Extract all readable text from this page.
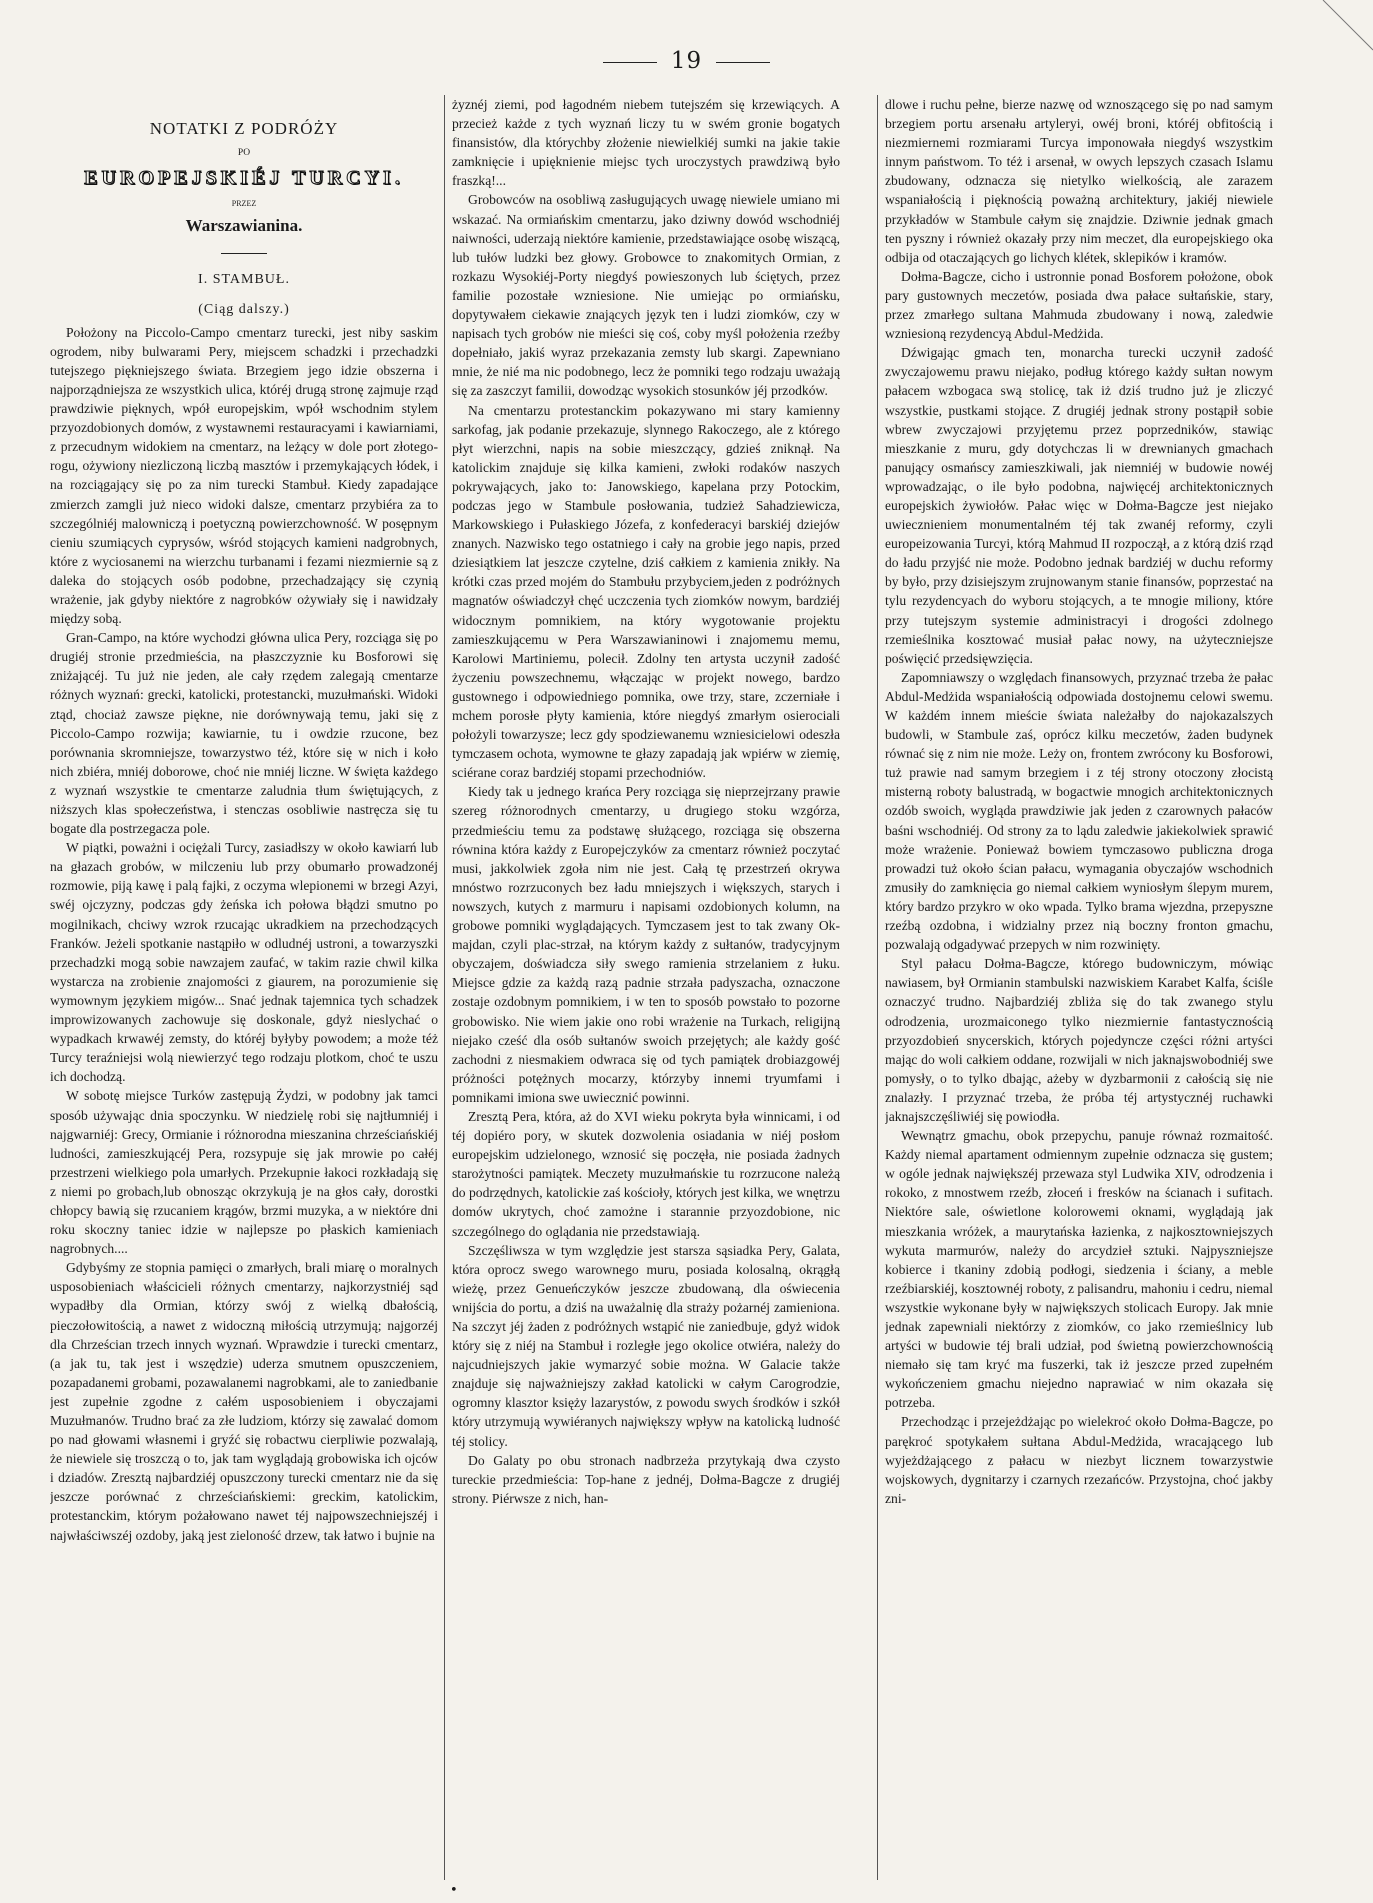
19
NOTATKI Z PODRÓŻY
PO
EUROPEJSKIÉJ TURCYI.
PRZEZ
Warszawianina.
I. STAMBUŁ.
(Ciąg dalszy.)

Położony na Piccolo-Campo cmentarz turecki, jest niby saskim ogrodem, niby bulwarami Pery, miejscem schadzki i przechadzki tutejszego piękniejszego świata. Brzegiem jego idzie obszerna i najporządniejsza ze wszystkich ulica, któréj drugą stronę zajmuje rząd prawdziwie pięknych, wpół europejskim, wpół wschodnim stylem przyozdobionych domów, z wystawnemi restauracyami i kawiarniami, z przecudnym widokiem na cmentarz, na leżący w dole port złotego-rogu, ożywiony niezliczoną liczbą masztów i przemykających łódek, i na rozciągający się po za nim turecki Stambuł. Kiedy zapadające zmierzch zamgli już nieco widoki dalsze, cmentarz przybiéra za to szczególniéj malowniczą i poetyczną powierzchowność. W posępnym cieniu szumiących cyprysów, wśród stojących kamieni nadgrobnych, które z wyciosanemi na wierzchu turbanami i fezami niezmiernie są z daleka do stojących osób podobne, przechadzający się czynią wrażenie, jak gdyby niektóre z nagrobków ożywiały się i nawidzały między sobą.

Gran-Campo, na które wychodzi główna ulica Pery, rozciąga się po drugiéj stronie przedmieścia, na płaszczyznie ku Bosforowi się zniżającéj. Tu już nie jeden, ale cały rzędem zalegają cmentarze różnych wyznań: grecki, katolicki, protestancki, muzułmański. Widoki ztąd, chociaż zawsze piękne, nie dorównywają temu, jaki się z Piccolo-Campo rozwija; kawiarnie, tu i owdzie rzucone, bez porównania skromniejsze, towarzystwo téż, które się w nich i koło nich zbiéra, mniéj doborowe, choć nie mniéj liczne. W święta każdego z wyznań wszystkie te cmentarze zaludnia tłum świętujących, z niższych klas społeczeństwa, i stenczas osobliwie nastręcza się tu bogate dla postrzegacza pole.

W piątki, poważni i ociężali Turcy, zasiadłszy w około kawiarń lub na głazach grobów, w milczeniu lub przy obumarło prowadzonéj rozmowie, piją kawę i palą fajki, z oczyma wlepionemi w brzegi Azyi, swéj ojczyzny, podczas gdy żeńska ich połowa błądzi smutno po mogilnikach, chciwy wzrok rzucając ukradkiem na przechodzących Franków. Jeżeli spotkanie nastąpiło w odludnéj ustroni, a towarzyszki przechadzki mogą sobie nawzajem zaufać, w takim razie chwil kilka wystarcza na zrobienie znajomości z giaurem, na porozumienie się wymownym językiem migów... Snać jednak tajemnica tych schadzek improwizowanych zachowuje się doskonale, gdyż nieslychać o wypadkach krwawéj zemsty, do któréj byłyby powodem; a może téż Turcy teraźniejsi wolą niewierzyć tego rodzaju plotkom, choć te uszu ich dochodzą.

W sobotę miejsce Turków zastępują Żydzi, w podobny jak tamci sposób używając dnia spoczynku. W niedzielę robi się najtłumniéj i najgwarniéj: Grecy, Ormianie i różnorodna mieszanina chrześciańskiéj ludności, zamieszkującéj Pera, rozsypuje się jak mrowie po całéj przestrzeni wielkiego pola umarłych. Przekupnie łakoci rozkładają się z niemi po grobach,lub obnosząc okrzykują je na głos cały, dorostki chłopcy bawią się rzucaniem krągów, brzmi muzyka, a w niektóre dni roku skoczny taniec idzie w najlepsze po płaskich kamieniach nagrobnych....

Gdybyśmy ze stopnia pamięci o zmarłych, brali miarę o moralnych usposobieniach właścicieli różnych cmentarzy, najkorzystniéj sąd wypadłby dla Ormian, którzy swój z wielką dbałością, pieczołowitością, a nawet z widoczną miłością utrzymują; najgorzéj dla Chrześcian trzech innych wyznań. Wprawdzie i turecki cmentarz, (a jak tu, tak jest i wszędzie) uderza smutnem opuszczeniem, pozapadanemi grobami, pozawalanemi nagrobkami, ale to zaniedbanie jest zupełnie zgodne z całém usposobieniem i obyczajami Muzułmanów. Trudno brać za złe ludziom, którzy się zawalać domom po nad głowami własnemi i gryźć się robactwu cierpliwie pozwalają, że niewiele się troszczą o to, jak tam wyglądają grobowiska ich ojców i dziadów. Zresztą najbardziéj opuszczony turecki cmentarz nie da się jeszcze porównać z chrześciańskiemi: greckim, katolickim, protestanckim, którym pożałowano nawet téj najpowszechniejszéj i najwłaściwszéj ozdoby, jaką jest zieloność drzew, tak łatwo i bujnie na

żyznéj ziemi, pod łagodném niebem tutejszém się krzewiących. A przecież każde z tych wyznań liczy tu w swém gronie bogatych finansistów, dla którychby złożenie niewielkiéj sumki na jakie takie zamknięcie i upięknienie miejsc tych uroczystych prawdziwą było fraszką!...

Grobowców na osobliwą zasługujących uwagę niewiele umiano mi wskazać. Na ormiańskim cmentarzu, jako dziwny dowód wschodniéj naiwności, uderzają niektóre kamienie, przedstawiające osobę wiszącą, lub tułów ludzki bez głowy. Grobowce to znakomitych Ormian, z rozkazu Wysokiéj-Porty niegdyś powieszonych lub ściętych, przez familie pozostałe wzniesione. Nie umiejąc po ormiańsku, dopytywałem ciekawie znających język ten i ludzi ziomków, czy w napisach tych grobów nie mieści się coś, coby myśl położenia rzeźby dopełniało, jakiś wyraz przekazania zemsty lub skargi. Zapewniano mnie, że nié ma nic podobnego, lecz że pomniki tego rodzaju uważają się za zaszczyt familii, dowodząc wysokich stosunków jéj przodków.

Na cmentarzu protestanckim pokazywano mi stary kamienny sarkofag, jak podanie przekazuje, slynnego Rakoczego, ale z którego płyt wierzchni, napis na sobie mieszczący, gdzieś zniknął. Na katolickim znajduje się kilka kamieni, zwłoki rodaków naszych pokrywających, jako to: Janowskiego, kapelana przy Potockim, podczas jego w Stambule posłowania, tudzież Sahadziewicza, Markowskiego i Pułaskiego Józefa, z konfederacyi barskiéj dziejów znanych. Nazwisko tego ostatniego i cały na grobie jego napis, przed dziesiątkiem lat jeszcze czytelne, dziś całkiem z kamienia znikły. Na krótki czas przed mojém do Stambułu przybyciem,jeden z podróżnych magnatów oświadczył chęć uczczenia tych ziomków nowym, bardziéj widocznym pomnikiem, na który wygotowanie projektu zamieszkującemu w Pera Warszawianinowi i znajomemu memu, Karolowi Martiniemu, polecił. Zdolny ten artysta uczynił zadość życzeniu powszechnemu, włączając w projekt nowego, bardzo gustownego i odpowiedniego pomnika, owe trzy, stare, zczerniałe i mchem porosłe płyty kamienia, które niegdyś zmarłym osierociali położyli towarzysze; lecz gdy spodziewanemu wzniesicielowi odeszła tymczasem ochota, wymowne te głazy zapadają jak wpiérw w ziemię, sciérane coraz bardziéj stopami przechodniów.

Kiedy tak u jednego krańca Pery rozciąga się nieprzejrzany prawie szereg różnorodnych cmentarzy, u drugiego stoku wzgórza, przedmieściu temu za podstawę służącego, rozciąga się obszerna równina która każdy z Europejczyków za cmentarz również poczytać musi, jakkolwiek zgoła nim nie jest. Całą tę przestrzeń okrywa mnóstwo rozrzuconych bez ładu mniejszych i większych, starych i nowszych, kutych z marmuru i napisami ozdobionych kolumn, na grobowe pomniki wyglądających. Tymczasem jest to tak zwany Ok-majdan, czyli plac-strzał, na którym każdy z sułtanów, tradycyjnym obyczajem, doświadcza siły swego ramienia strzelaniem z łuku. Miejsce gdzie za każdą razą padnie strzała padyszacha, oznaczone zostaje ozdobnym pomnikiem, i w ten to sposób powstało to pozorne grobowisko. Nie wiem jakie ono robi wrażenie na Turkach, religijną niejako cześć dla osób sułtanów swoich przejętych; ale każdy gość zachodni z niesmakiem odwraca się od tych pamiątek drobiazgowéj próżności potężnych mocarzy, którzyby innemi tryumfami i pomnikami imiona swe uwiecznić powinni.

Zresztą Pera, która, aż do XVI wieku pokryta była winnicami, i od téj dopiéro pory, w skutek dozwolenia osiadania w niéj posłom europejskim udzielonego, wznosić się poczęła, nie posiada żadnych starożytności pamiątek. Meczety muzułmańskie tu rozrzucone należą do podrzędnych, katolickie zaś kościoły, których jest kilka, we wnętrzu domów ukrytych, choć zamożne i starannie przyozdobione, nic szczególnego do oglądania nie przedstawiają.

Szczęśliwsza w tym względzie jest starsza sąsiadka Pery, Galata, która oprocz swego warownego muru, posiada kolosalną, okrągłą wieżę, przez Genueńczyków jeszcze zbudowaną, dla oświecenia wnijścia do portu, a dziś na uważalnię dla straży pożarnéj zamieniona. Na szczyt jéj żaden z podróżnych wstąpić nie zaniedbuje, gdyż widok który się z niéj na Stambuł i rozległe jego okolice otwiéra, należy do najcudniejszych jakie wymarzyć sobie można. W Galacie także znajduje się najważniejszy zakład katolicki w całym Carogrodzie, ogromny klasztor księży lazarystów, z powodu swych środków i szkół który utrzymują wywiéranych największy wpływ na katolicką ludność téj stolicy.

Do Galaty po obu stronach nadbrzeża przytykają dwa czysto tureckie przedmieścia: Top-hane z jednéj, Dołma-Bagcze z drugiéj strony. Piérwsze z nich, han-

dlowe i ruchu pełne, bierze nazwę od wznoszącego się po nad samym brzegiem portu arsenału artyleryi, owéj broni, któréj obfitością i niezmiernemi rozmiarami Turcya imponowała niegdyś wszystkim innym państwom. To téż i arsenał, w owych lepszych czasach Islamu zbudowany, odznacza się nietylko wielkością, ale zarazem wspaniałością i pięknością poważną architektury, jakiéj niewiele przykładów w Stambule całym się znajdzie. Dziwnie jednak gmach ten pyszny i również okazały przy nim meczet, dla europejskiego oka odbija od otaczających go lichych klétek, sklepików i kramów.

Dołma-Bagcze, cicho i ustronnie ponad Bosforem położone, obok pary gustownych meczetów, posiada dwa pałace sułtańskie, stary, przez zmarłego sultana Mahmuda zbudowany i nową, zaledwie wzniesioną rezydencyą Abdul-Medżida.

Dźwigając gmach ten, monarcha turecki uczynił zadość zwyczajowemu prawu niejako, podług którego każdy sułtan nowym pałacem wzbogaca swą stolicę, tak iż dziś trudno już je zliczyć wszystkie, pustkami stojące. Z drugiéj jednak strony postąpił sobie wbrew zwyczajowi przyjętemu przez poprzedników, stawiąc mieszkanie z muru, gdy dotychczas li w drewnianych gmachach panujący osmańscy zamieszkiwali, jak niemniéj w budowie nowéj wprowadzając, o ile było podobna, najwięcéj architektonicznych europejskich żywiołów. Pałac więc w Dołma-Bagcze jest niejako uwiecznieniem monumentalném téj tak zwanéj reformy, czyli europeizowania Turcyi, którą Mahmud II rozpoczął, a z którą dziś rząd do ładu przyjść nie może. Podobno jednak bardziéj w duchu reformy by było, przy dzisiejszym zrujnowanym stanie finansów, poprzestać na tylu rezydencyach do wyboru stojących, a te mnogie miliony, które przy tutejszym systemie administracyi i drogości zdolnego rzemieślnika kosztować musiał pałac nowy, na użyteczniejsze poświęcić przedsięwzięcia.

Zapomniawszy o względach finansowych, przyznać trzeba że pałac Abdul-Medżida wspaniałością odpowiada dostojnemu celowi swemu. W każdém innem mieście świata należałby do najokazalszych budowli, w Stambule zaś, oprócz kilku meczetów, żaden budynek równać się z nim nie może. Leży on, frontem zwrócony ku Bosforowi, tuż prawie nad samym brzegiem i z téj strony otoczony złocistą misterną roboty balustradą, w bogactwie mnogich architektonicznych ozdób swoich, wygląda prawdziwie jak jeden z czarownych pałaców baśni wschodniéj. Od strony za to lądu zaledwie jakiekolwiek sprawić może wrażenie. Ponieważ bowiem tymczasowo publiczna droga prowadzi tuż około ścian pałacu, wymagania obyczajów wschodnich zmusiły do zamknięcia go niemal całkiem wyniosłym ślepym murem, który bardzo przykro w oko wpada. Tylko brama wjezdna, przepyszne rzeźbą ozdobna, i widzialny przez nią boczny fronton gmachu, pozwalają odgadywać przepych w nim rozwinięty.

Styl pałacu Dołma-Bagcze, którego budowniczym, mówiąc nawiasem, był Ormianin stambulski nazwiskiem Karabet Kalfa, ściśle oznaczyć trudno. Najbardziéj zbliża się do tak zwanego stylu odrodzenia, urozmaiconego tylko niezmiernie fantastycznością przyozdobień snycerskich, których pojedyncze części różni artyści mając do woli całkiem oddane, rozwijali w nich jaknajswobodniéj swe pomysły, o to tylko dbając, ażeby w dyzbarmonii z całością się nie znalazły. I przyznać trzeba, że próba téj artystycznéj ruchawki jaknajszczęśliwiéj się powiodła.

Wewnątrz gmachu, obok przepychu, panuje równaż rozmaitość. Każdy niemal apartament odmiennym zupełnie odznacza się gustem; w ogóle jednak największéj przewaza styl Ludwika XIV, odrodzenia i rokoko, z mnostwem rzeźb, złoceń i fresków na ścianach i sufitach. Niektóre sale, oświetlone kolorowemi oknami, wyglądają jak mieszkania wróżek, a maurytańska łazienka, z najkosztowniejszych wykuta marmurów, należy do arcydzieł sztuki. Najpyszniejsze kobierce i tkaniny zdobią podłogi, siedzenia i ściany, a meble rzeźbiarskiéj, kosztownéj roboty, z palisandru, mahoniu i cedru, niemal wszystkie wykonane były w największych stolicach Europy. Jak mnie jednak zapewniali niektórzy z ziomków, co jako rzemieślnicy lub artyści w budowie téj brali udział, pod świetną powierzchownością niemało się tam kryć ma fuszerki, tak iż jeszcze przed zupełném wykończeniem gmachu niejedno naprawiać w nim okazała się potrzeba.

Przechodząc i przejeżdżając po wielekroć około Dołma-Bagcze, po parękroć spotykałem sułtana Abdul-Medżida, wracającego lub wyjeżdżającego z pałacu w niezbyt licznem towarzystwie wojskowych, dygnitarzy i czarnych rzezańców. Przystojna, choć jakby zni-

•
